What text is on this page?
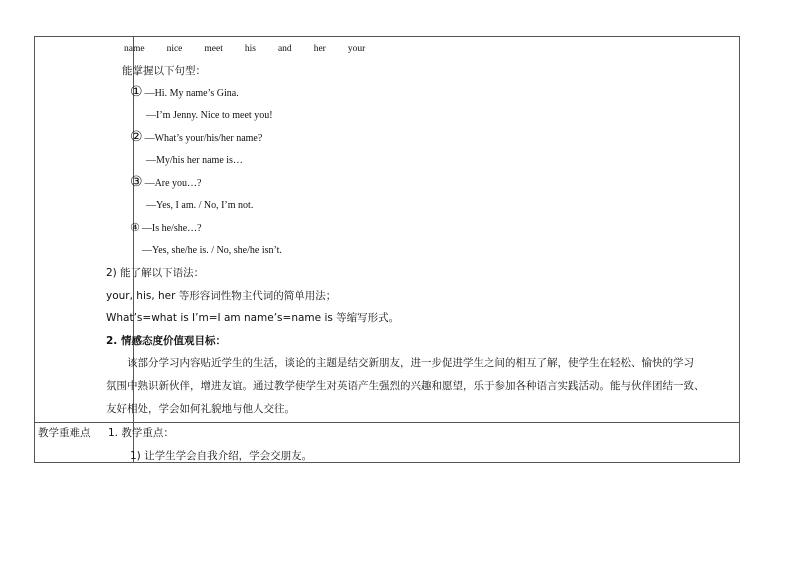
name nice meet his and her your
能掌握以下句型：
① —Hi. My name’s Gina.
—I’m Jenny. Nice to meet you!
② —What’s your/his/her name?
—My/his her name is…
③ —Are you…?
—Yes, I am. / No, I’m not.
④ —Is he/she…?
—Yes, she/he is. / No, she/he isn’t.
2) 能了解以下语法：
your, his, her 等形容词性物主代词的简单用法；
What’s=what is I’m=I am name’s=name is 等缩写形式。
2. 情感态度价值观目标：
该部分学习内容贴近学生的生活，谈论的主题是结交新朋友，进一步促进学生之间的相互了解，使学生在轻松、愉快的学习
氛围中熟识新伙伴，增进友谊。通过教学使学生对英语产生强烈的兴趣和愿望，乐于参加各种语言实践活动。能与伙伴团结一致、
友好相处，学会如何礼貌地与他人交往。
教学重难点 1. 教学重点：
1) 让学生学会自我介绍，学会交朋友。
